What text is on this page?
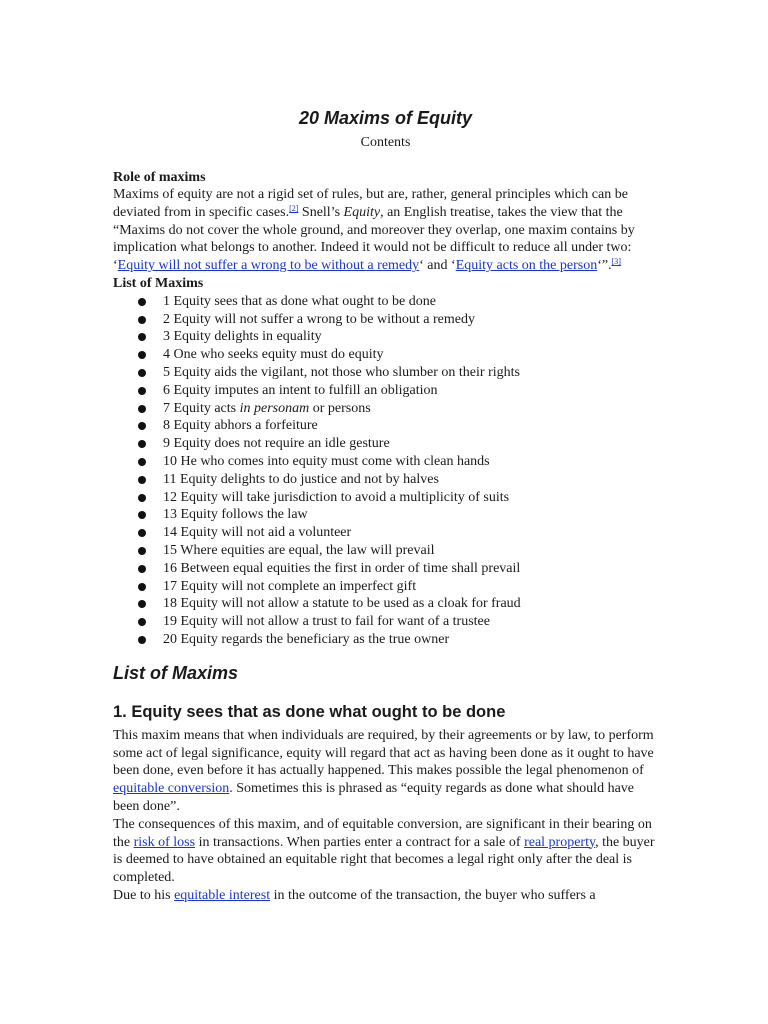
20 Maxims of Equity
Contents
Role of maxims

Maxims of equity are not a rigid set of rules, but are, rather, general principles which can be deviated from in specific cases.[2] Snell’s Equity, an English treatise, takes the view that the “Maxims do not cover the whole ground, and moreover they overlap, one maxim contains by implication what belongs to another. Indeed it would not be difficult to reduce all under two: ‘Equity will not suffer a wrong to be without a remedy‘ and ‘Equity acts on the person‘”.[3]

List of Maxims
1 Equity sees that as done what ought to be done
2 Equity will not suffer a wrong to be without a remedy
3 Equity delights in equality
4 One who seeks equity must do equity
5 Equity aids the vigilant, not those who slumber on their rights
6 Equity imputes an intent to fulfill an obligation
7 Equity acts in personam or persons
8 Equity abhors a forfeiture
9 Equity does not require an idle gesture
10 He who comes into equity must come with clean hands
11 Equity delights to do justice and not by halves
12 Equity will take jurisdiction to avoid a multiplicity of suits
13 Equity follows the law
14 Equity will not aid a volunteer
15 Where equities are equal, the law will prevail
16 Between equal equities the first in order of time shall prevail
17 Equity will not complete an imperfect gift
18 Equity will not allow a statute to be used as a cloak for fraud
19 Equity will not allow a trust to fail for want of a trustee
20 Equity regards the beneficiary as the true owner
List of Maxims
1. Equity sees that as done what ought to be done

This maxim means that when individuals are required, by their agreements or by law, to perform some act of legal significance, equity will regard that act as having been done as it ought to have been done, even before it has actually happened. This makes possible the legal phenomenon of equitable conversion. Sometimes this is phrased as “equity regards as done what should have been done”.

The consequences of this maxim, and of equitable conversion, are significant in their bearing on the risk of loss in transactions. When parties enter a contract for a sale of real property, the buyer is deemed to have obtained an equitable right that becomes a legal right only after the deal is completed.

Due to his equitable interest in the outcome of the transaction, the buyer who suffers a
